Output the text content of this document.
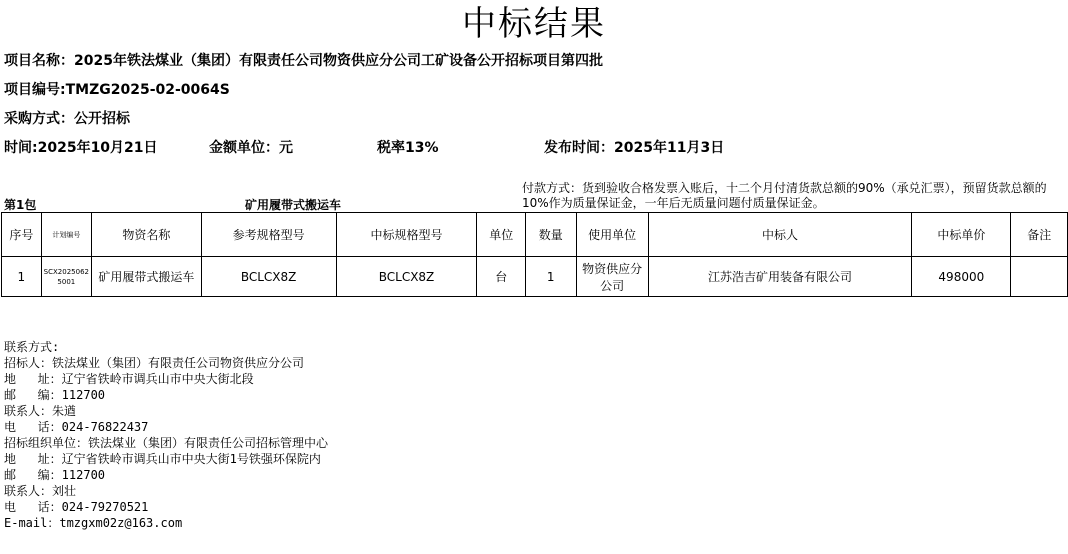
中标结果
项目名称：2025年铁法煤业（集团）有限责任公司物资供应分公司工矿设备公开招标项目第四批
项目编号:TMZG2025-02-0064S
采购方式：公开招标
时间:2025年10月21日	金额单位：元	税率13%	发布时间：2025年11月3日
第1包	矿用履带式搬运车
付款方式：货到验收合格发票入账后，十二个月付清货款总额的90%（承兑汇票），预留货款总额的10%作为质量保证金，一年后无质量问题付质量保证金。
序号	计划编号	物资名称	参考规格型号	中标规格型号	单位	数量	使用单位	中标人	中标单价	备注
1	SCX2025062 5001	矿用履带式搬运车	BCLCX8Z	BCLCX8Z	台	1	物资供应分公司	江苏浩吉矿用装备有限公司	498000	
联系方式:
招标人：铁法煤业（集团）有限责任公司物资供应分公司
地   址：辽宁省铁岭市调兵山市中央大街北段
邮   编：112700
联系人：朱遒
电   话：024-76822437
招标组织单位：铁法煤业（集团）有限责任公司招标管理中心
地   址：辽宁省铁岭市调兵山市中央大街1号铁强环保院内
邮   编：112700
联系人：刘壮
电   话：024-79270521
E-mail：tmzgxm02z@163.com
